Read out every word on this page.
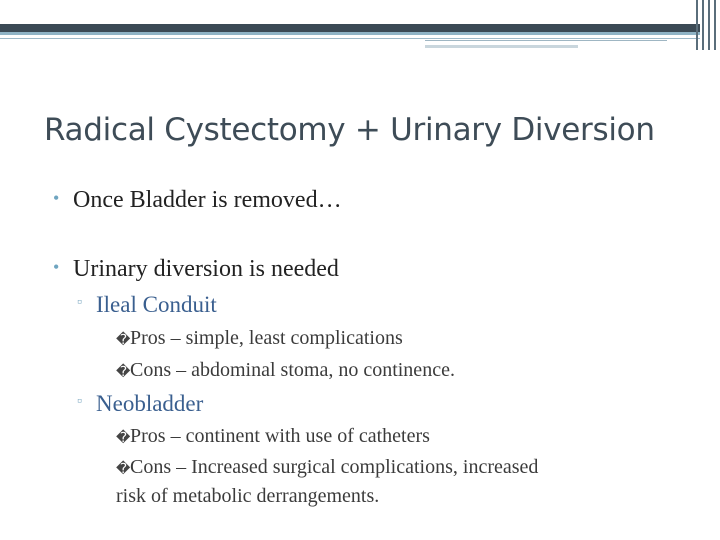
Radical Cystectomy + Urinary Diversion
• Once Bladder is removed…
• Urinary diversion is needed
▫ Ileal Conduit
�Pros – simple, least complications
�Cons – abdominal stoma, no continence.
▫ Neobladder
�Pros – continent with use of catheters
�Cons – Increased surgical complications, increased
risk of metabolic derrangements.
